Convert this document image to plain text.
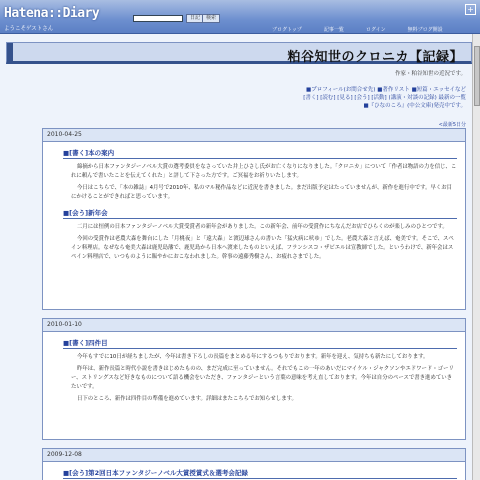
Hatena::Diary
ようこそゲストさん
日記	検索
+
ブログトップ	記事一覧	ログイン	無料ブログ開設
粕谷知世のクロニカ【記録】
作家・粕谷知世の近況です。
■プロフィール(お問合せ先) ■著作リスト ■短篇・エッセイなど
[書く] [読む] [見る] [会う] [活動] (講演・対談の記録) 最新の一覧
■『ひなのころ』(中公文庫)発売中です。
<最新5日分
2010-04-25
■[書く]本の案内

綿摘から日本ファンタジーノベル大賞の選考委員をなさっていた井上ひさし氏がお亡くなりになりました。「クロニカ」について「作者は物語の力を信じ、これに頼んで書いたことを伝えてくれた」と評して下さった方です。ご冥福をお祈りいたします。

今日はこちらで、「本の雑誌」4月号で2010年、私のマル秘作品などに近況を書きました。まだ出版予定はたっていませんが、新作を進行中です。早くお目にかけることができればと思っています。

■[会う]新年会

二月には恒例の日本ファンタジーノベル大賞受賞者の新年会がありました。この新年会、前年の受賞作にちなんだお店でひらくのが楽しみのひとつです。

今回の受賞作は老農大森を舞台にした「月桃夜」と「遠大森」と渡辺球さんの書いた「猛火病に吠ゆ」でした。老農大森と言えば、奄美です。そこで、スペイン料理店。なぜなら奄美大森は鹿児島藩で、鹿児島から日本へ渡来したものといえば、フランシスコ・ザビエルは宣教師でした。というわけで、新年会はスペイン料理店で、いつものように賑やかにおこなわれました。幹事の遠藤秀樹さん、お疲れさまでした。

2010-01-10
■[書く]四件目

今年もすでに10日が経ちましたが、今年は書き下ろしの長篇をまとめる年にするつもりでおります。新年を迎え、気持ちも新たにしております。

昨年は、新作長篇と時代小説を書きはじめたものの、まだ完成に至っていません。それでもこの一年のあいだにマイケル・ジャクソンやエドワード・ゴーリー、ストリングスなど好きなものについて語る機会をいただき、ファンタジーという言葉の意味を考え直しております。今年は自分のペースで書き進めていきたいです。

日下のところ、新作は四件目の準備を進めています。詳細はまたこちらでお知らせします。

2009-12-08
■[会う]第2回日本ファンタジーノベル大賞授賞式＆選考会記録
